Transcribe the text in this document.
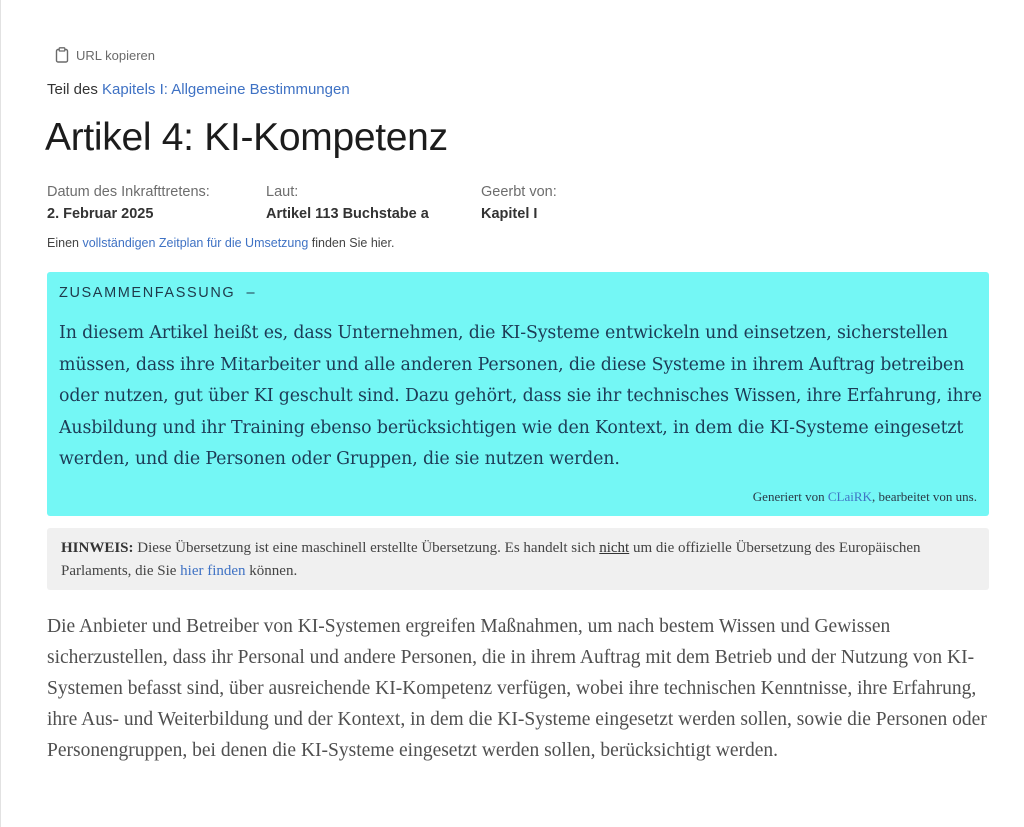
URL kopieren
Teil des Kapitels I: Allgemeine Bestimmungen
Artikel 4: KI-Kompetenz
Datum des Inkrafttretens:
2. Februar 2025
Laut:
Artikel 113 Buchstabe a
Geerbt von:
Kapitel I
Einen vollständigen Zeitplan für die Umsetzung finden Sie hier.
ZUSAMMENFASSUNG –

In diesem Artikel heißt es, dass Unternehmen, die KI-Systeme entwickeln und einsetzen, sicherstellen müssen, dass ihre Mitarbeiter und alle anderen Personen, die diese Systeme in ihrem Auftrag betreiben oder nutzen, gut über KI geschult sind. Dazu gehört, dass sie ihr technisches Wissen, ihre Erfahrung, ihre Ausbildung und ihr Training ebenso berücksichtigen wie den Kontext, in dem die KI-Systeme eingesetzt werden, und die Personen oder Gruppen, die sie nutzen werden.

Generiert von CLaiRK, bearbeitet von uns.
HINWEIS: Diese Übersetzung ist eine maschinell erstellte Übersetzung. Es handelt sich nicht um die offizielle Übersetzung des Europäischen Parlaments, die Sie hier finden können.

Die Anbieter und Betreiber von KI-Systemen ergreifen Maßnahmen, um nach bestem Wissen und Gewissen sicherzustellen, dass ihr Personal und andere Personen, die in ihrem Auftrag mit dem Betrieb und der Nutzung von KI-Systemen befasst sind, über ausreichende KI-Kompetenz verfügen, wobei ihre technischen Kenntnisse, ihre Erfahrung, ihre Aus- und Weiterbildung und der Kontext, in dem die KI-Systeme eingesetzt werden sollen, sowie die Personen oder Personengruppen, bei denen die KI-Systeme eingesetzt werden sollen, berücksichtigt werden.
